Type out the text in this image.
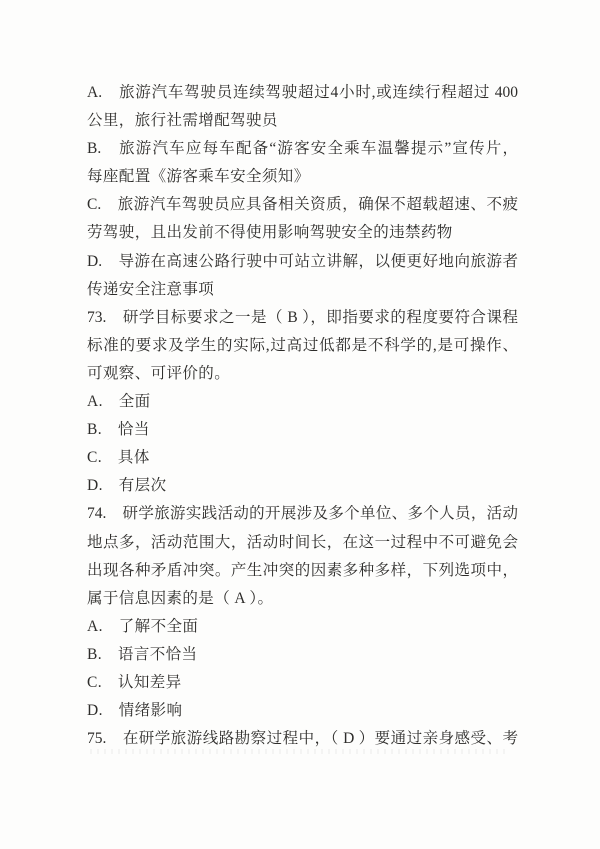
A.　旅游汽车驾驶员连续驾驶超过4小时,或连续行程超过 400

公里，旅行社需增配驾驶员

B.　旅游汽车应每车配备“游客安全乘车温馨提示”宣传片，

每座配置《游客乘车安全须知》

C.　旅游汽车驾驶员应具备相关资质，确保不超载超速、不疲

劳驾驶，且出发前不得使用影响驾驶安全的违禁药物

D.　导游在高速公路行驶中可站立讲解，以便更好地向旅游者

传递安全注意事项

73.　研学目标要求之一是（ B ），即指要求的程度要符合课程

标准的要求及学生的实际,过高过低都是不科学的,是可操作、

可观察、可评价的。

A.　全面

B.　恰当

C.　具体

D.　有层次

74.　研学旅游实践活动的开展涉及多个单位、多个人员，活动

地点多，活动范围大，活动时间长，在这一过程中不可避免会

出现各种矛盾冲突。产生冲突的因素多种多样，下列选项中，

属于信息因素的是（ A ）。

A.　了解不全面

B.　语言不恰当

C.　认知差异

D.　情绪影响

75.　在研学旅游线路勘察过程中，（ D ）要通过亲身感受、考
